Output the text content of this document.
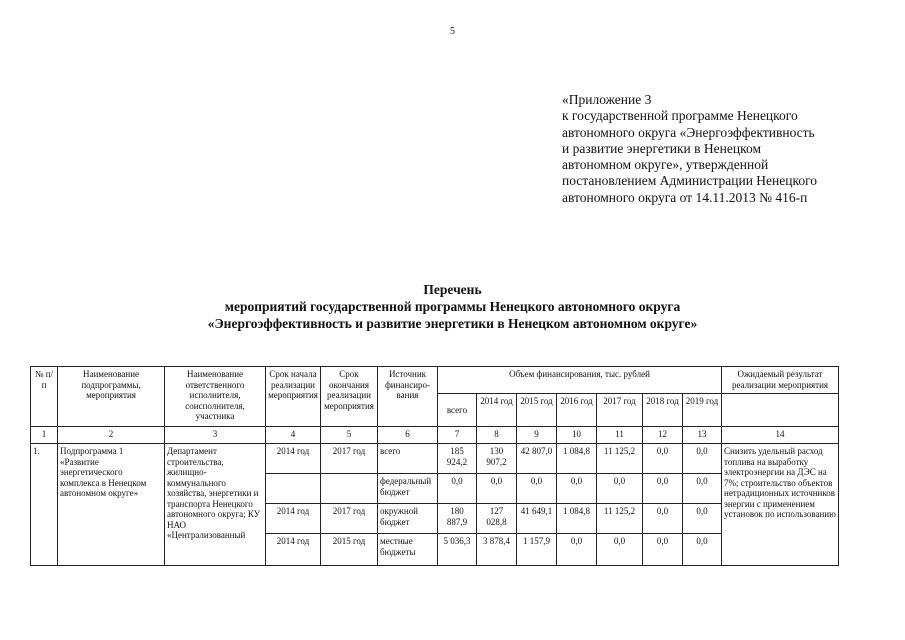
5
«Приложение 3
к государственной программе Ненецкого
автономного округа «Энергоэффективность
и развитие энергетики в Ненецком
автономном округе», утвержденной
постановлением Администрации Ненецкого
автономного округа от 14.11.2013 № 416-п
Перечень
мероприятий государственной программы Ненецкого автономного округа
«Энергоэффективность и развитие энергетики в Ненецком автономном округе»
№ п/п	Наименование подпрограммы, мероприятия	Наименование ответственного исполнителя, соисполнителя, участника	Срок начала реализации мероприятия	Срок окончания реализации мероприятия	Источник финансиро-вания	Объем финансирования, тыс. рублей							Ожидаемый результат реализации мероприятия
						всего	2014 год	2015 год	2016 год	2017 год	2018 год	2019 год	
1	2	3	4	5	6	7	8	9	10	11	12	13	14
1.	Подпрограмма 1 «Развитие энергетического комплекса в Ненецком автономном округе»	Департамент строительства, жилищно-коммунального хозяйства, энергетики и транспорта Ненецкого автономного округа; КУ НАО «Централизованный	2014 год	2017 год	всего	185 924,2	130 907,2	42 807,0	1 084,8	11 125,2	0,0	0,0	Снизить удельный расход топлива на выработку электроэнергии на ДЭС на 7%; строительство объектов нетрадиционных источников энергии с применением установок по использованию
					федеральный бюджет	0,0	0,0	0,0	0,0	0,0	0,0	0,0	
			2014 год	2017 год	окружной бюджет	180 887,9	127 028,8	41 649,1	1 084,8	11 125,2	0,0	0,0	
			2014 год	2015 год	местные бюджеты	5 036,3	3 878,4	1 157,9	0,0	0,0	0,0	0,0	
